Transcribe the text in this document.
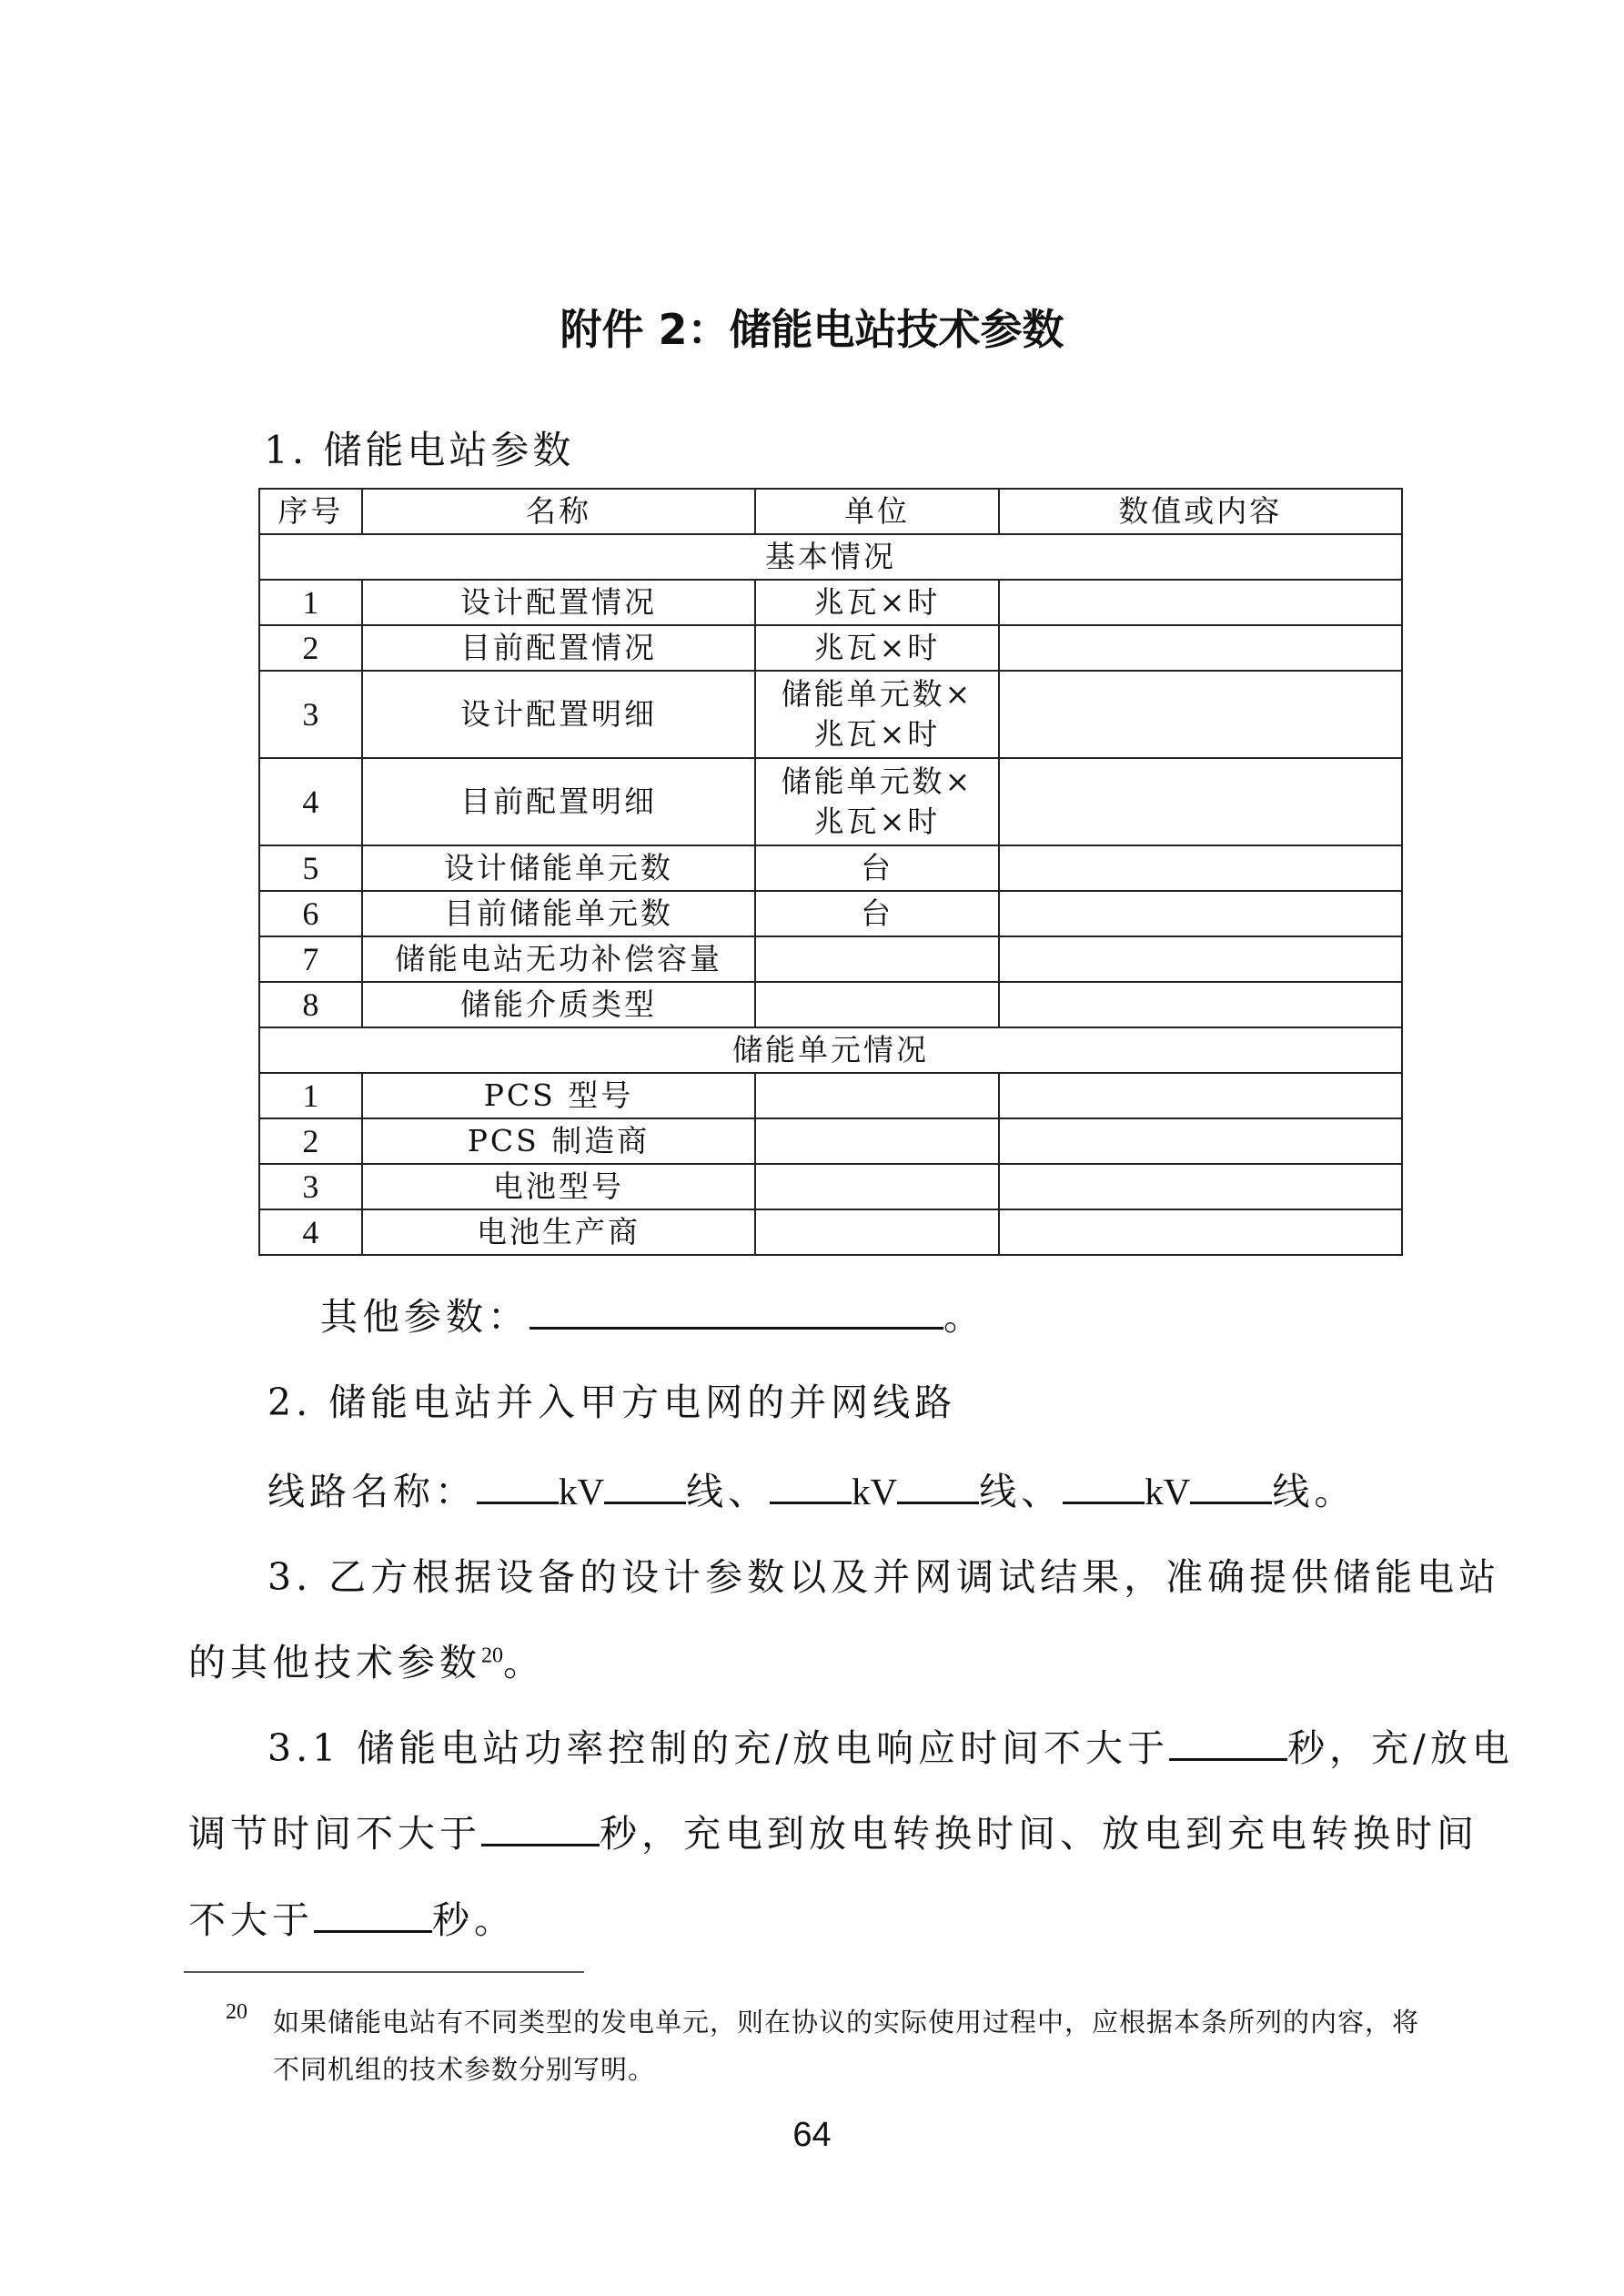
附件 2：储能电站技术参数
1. 储能电站参数
序号	名称	单位	数值或内容
基本情况			
1	设计配置情况	兆瓦×时	
2	目前配置情况	兆瓦×时	
3	设计配置明细	储能单元数×兆瓦×时	
4	目前配置明细	储能单元数×兆瓦×时	
5	设计储能单元数	台	
6	目前储能单元数	台	
7	储能电站无功补偿容量		
8	储能介质类型		
储能单元情况			
1	PCS 型号		
2	PCS 制造商		
3	电池型号		
4	电池生产商		
其他参数：	。
2. 储能电站并入甲方电网的并网线路
线路名称： kV 线、 kV 线、 kV 线。
3. 乙方根据设备的设计参数以及并网调试结果，准确提供储能电站
的其他技术参数$^{20}$。
3.1 储能电站功率控制的充/放电响应时间不大于	秒，充/放电
调节时间不大于	秒，充电到放电转换时间、放电到充电转换时间
不大于	秒。
$^{20}$ 如果储能电站有不同类型的发电单元，则在协议的实际使用过程中，应根据本条所列的内容，将
不同机组的技术参数分别写明。
64
